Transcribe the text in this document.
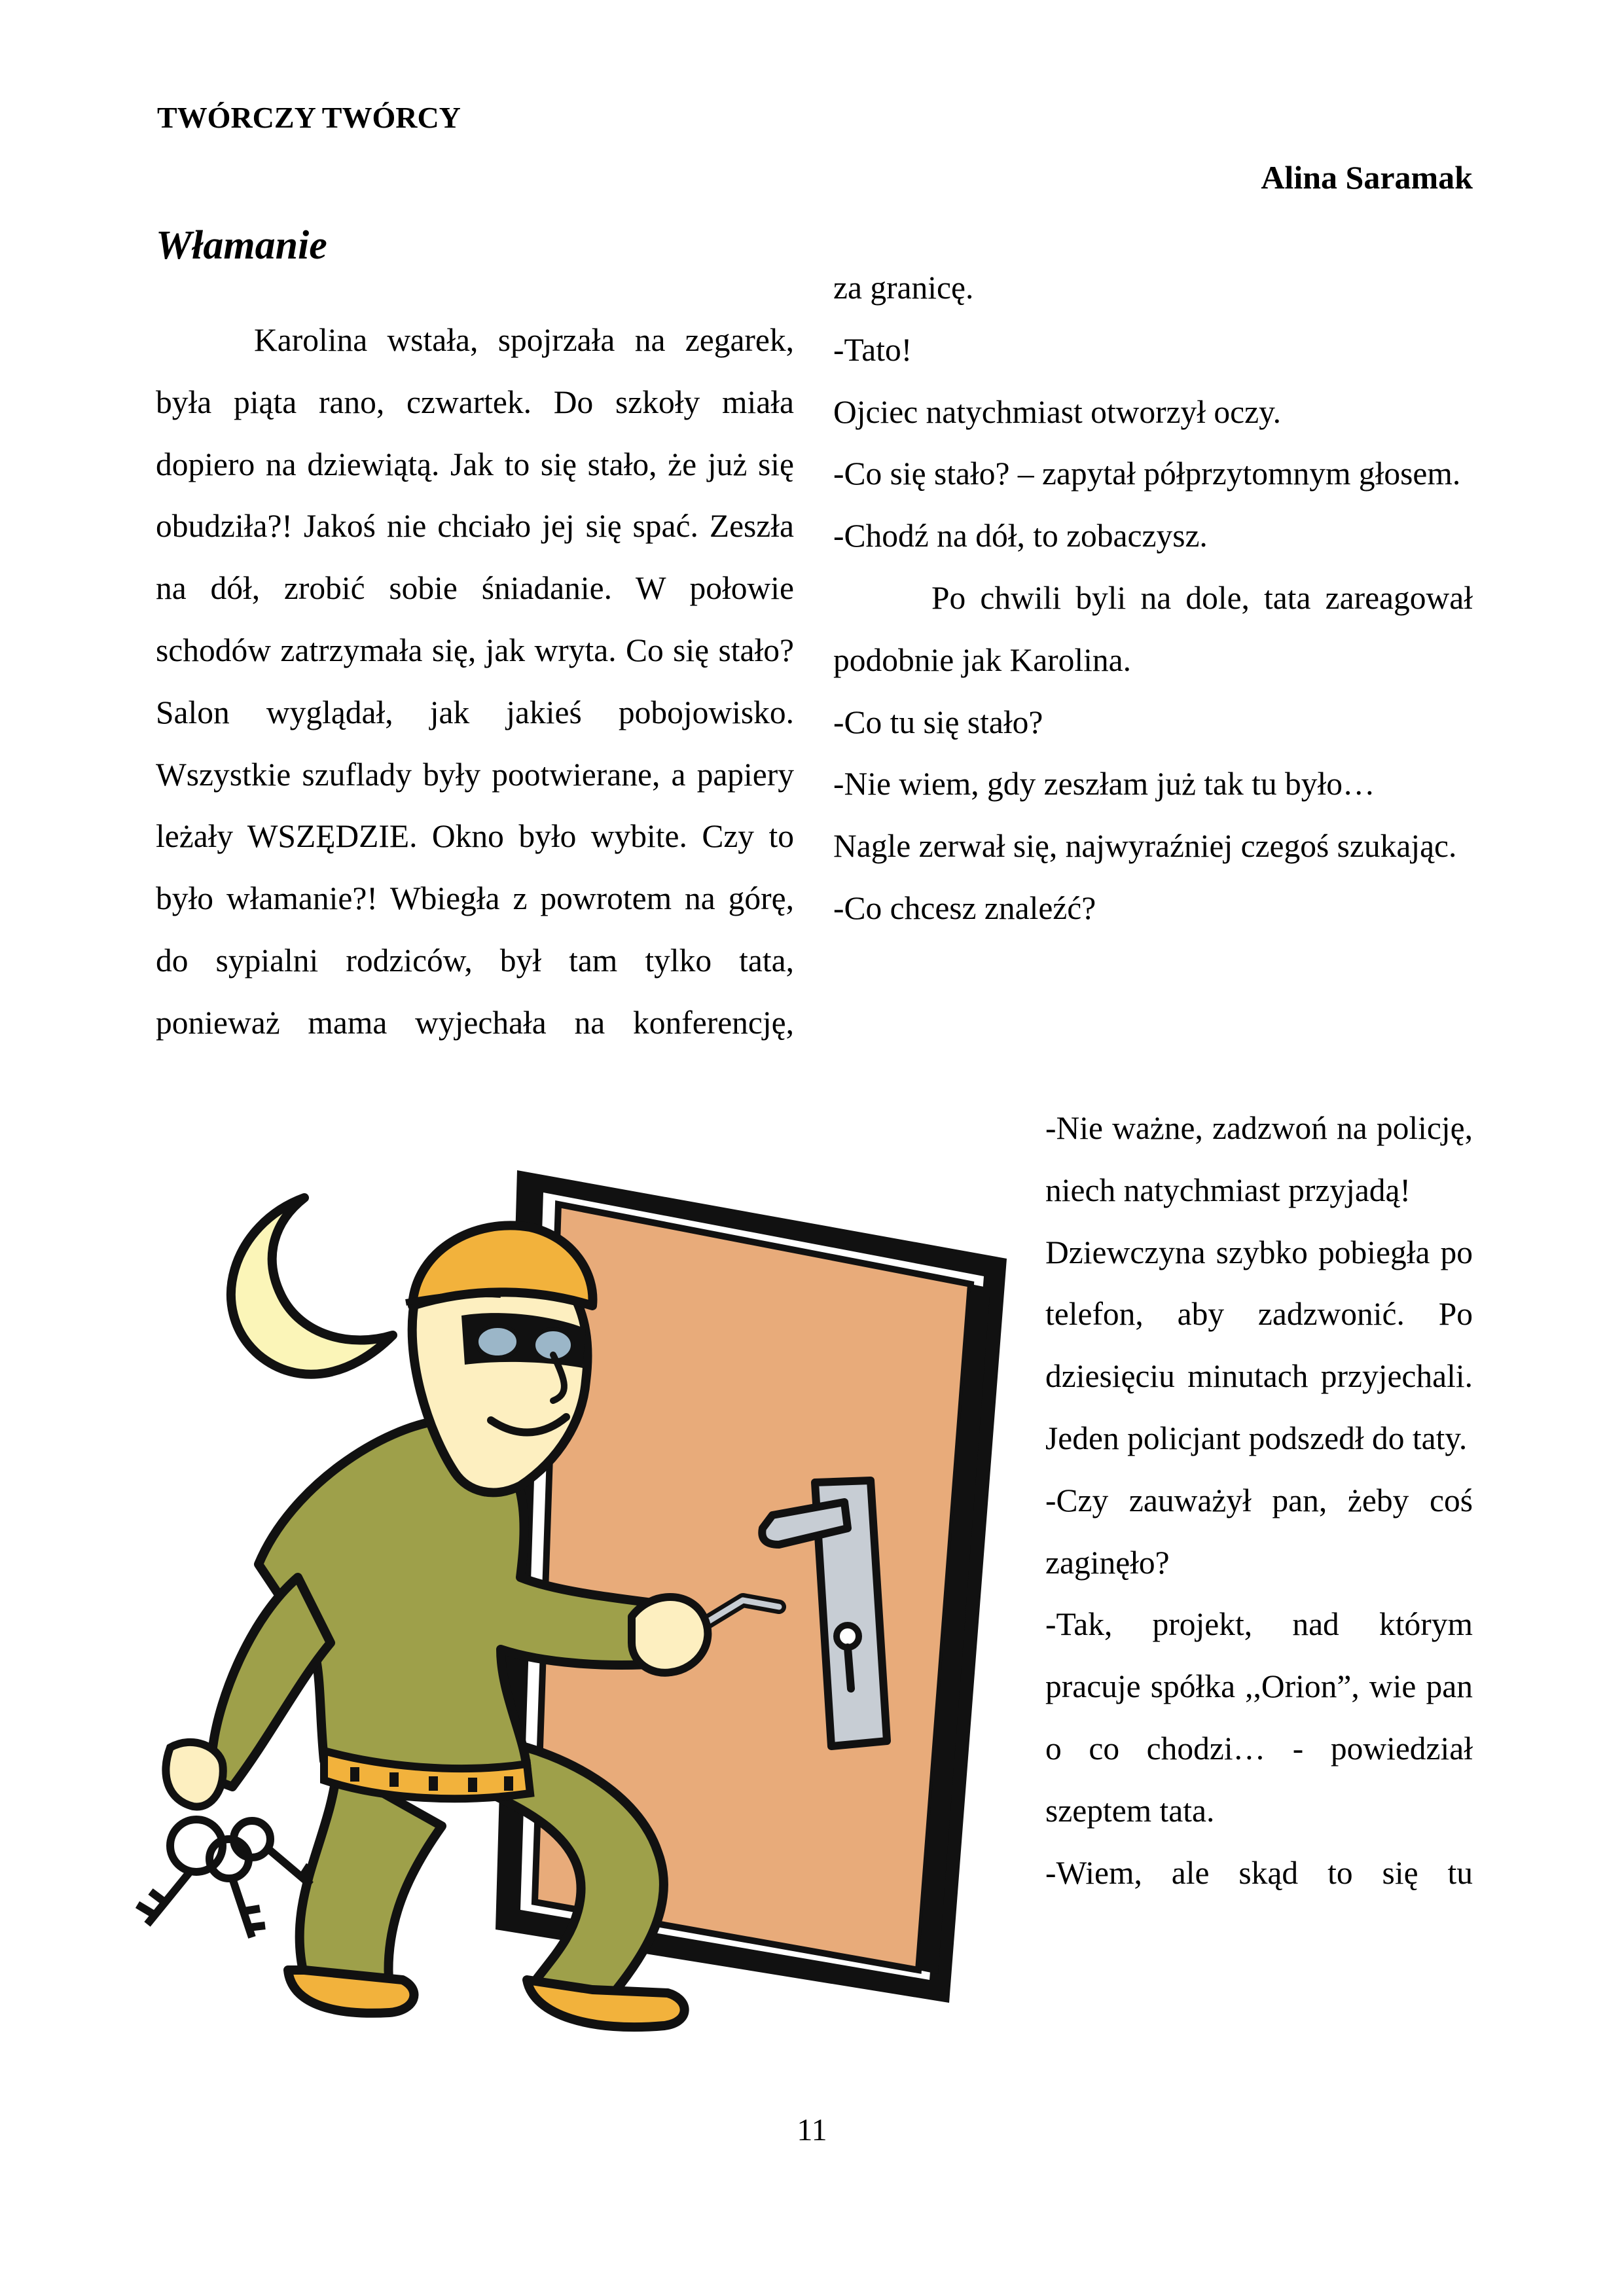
TWÓRCZY TWÓRCY
Alina Saramak
Włamanie

Karolina wstała, spojrzała na zegarek, była piąta rano, czwartek. Do szkoły miała dopiero na dziewiątą. Jak to się stało, że już się obudziła?! Jakoś nie chciało jej się spać. Zeszła na dół, zrobić sobie śniadanie. W połowie schodów zatrzymała się, jak wryta. Co się stało? Salon wyglądał, jak jakieś pobojowisko. Wszystkie szuflady były pootwierane, a papiery leżały WSZĘDZIE. Okno było wybite. Czy to było włamanie?! Wbiegła z powrotem na górę, do sypialni rodziców, był tam tylko tata, ponieważ mama wyjechała na konferencję,

za granicę.

-Tato!

Ojciec natychmiast otworzył oczy.

-Co się stało? – zapytał półprzytomnym głosem.

-Chodź na dół, to zobaczysz.

Po chwili byli na dole, tata zareagował podobnie jak Karolina.

-Co tu się stało?

-Nie wiem, gdy zeszłam już tak tu było…

Nagle zerwał się, najwyraźniej czegoś szukając.

-Co chcesz znaleźć?

-Nie ważne, zadzwoń na policję, niech natychmiast przyjadą!

Dziewczyna szybko pobiegła po telefon, aby zadzwonić. Po dziesięciu minutach przyjechali. Jeden policjant podszedł do taty.

-Czy zauważył pan, żeby coś zaginęło?

-Tak, projekt, nad którym pracuje spółka ,,Orion”, wie pan o co chodzi… - powiedział szeptem tata.

-Wiem, ale skąd to się tu

11
